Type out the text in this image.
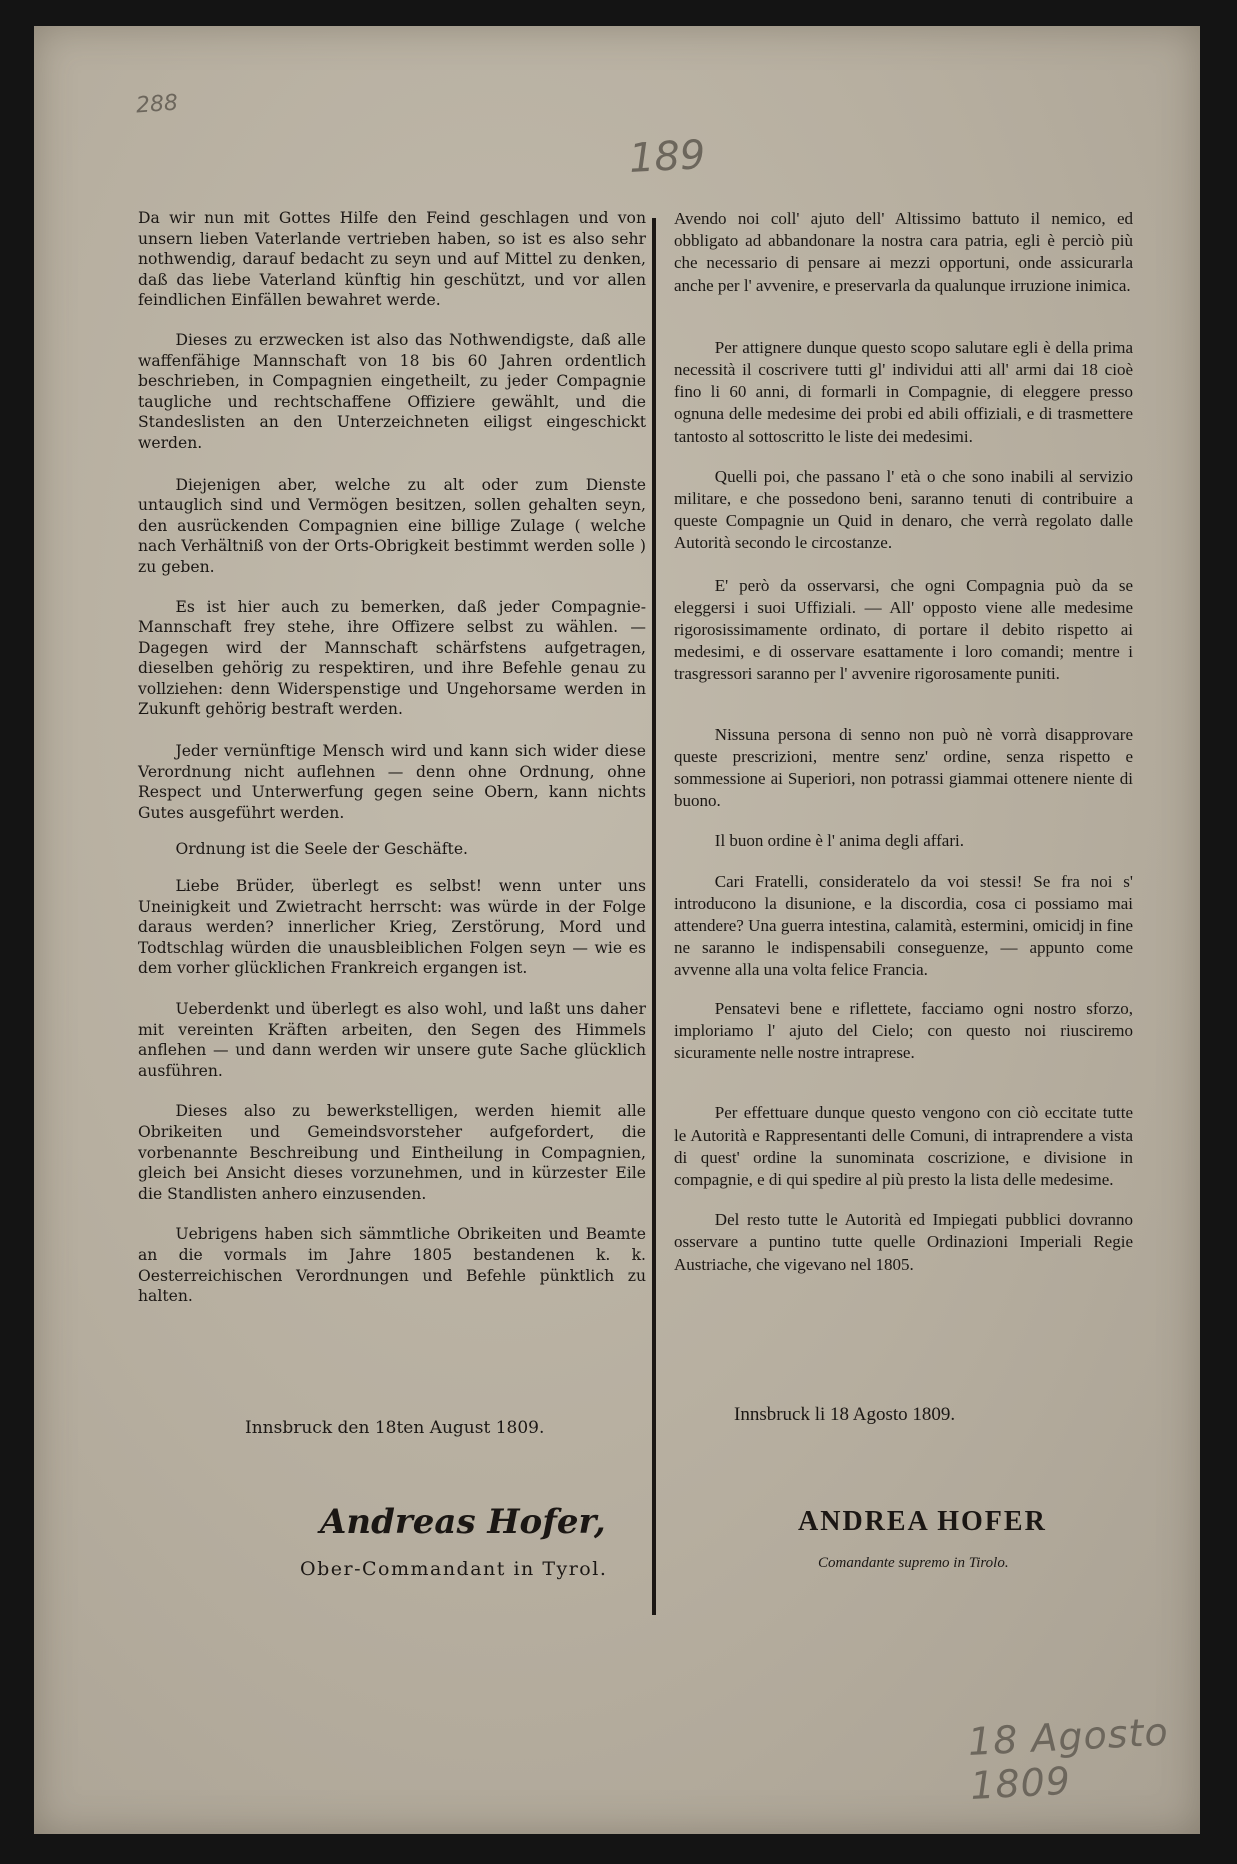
288
189
18 Agosto 1809

Da wir nun mit Gottes Hilfe den Feind geschlagen und von unsern lieben Vaterlande vertrieben haben, so ist es also sehr nothwendig, darauf bedacht zu seyn und auf Mittel zu denken, daß das liebe Vaterland künftig hin geschützt, und vor allen feindlichen Einfällen bewahret werde.

Dieses zu erzwecken ist also das Nothwendigste, daß alle waffenfähige Mannschaft von 18 bis 60 Jahren ordentlich beschrieben, in Compagnien eingetheilt, zu jeder Compagnie taugliche und rechtschaffene Offiziere gewählt, und die Standeslisten an den Unterzeichneten eiligst eingeschickt werden.

Diejenigen aber, welche zu alt oder zum Dienste untauglich sind und Vermögen besitzen, sollen gehalten seyn, den ausrückenden Compagnien eine billige Zulage ( welche nach Verhältniß von der Orts-Obrigkeit bestimmt werden solle ) zu geben.

Es ist hier auch zu bemerken, daß jeder Compagnie-Mannschaft frey stehe, ihre Offizere selbst zu wählen. — Dagegen wird der Mannschaft schärfstens aufgetragen, dieselben gehörig zu respektiren, und ihre Befehle genau zu vollziehen: denn Widerspenstige und Ungehorsame werden in Zukunft gehörig bestraft werden.

Jeder vernünftige Mensch wird und kann sich wider diese Verordnung nicht auflehnen — denn ohne Ordnung, ohne Respect und Unterwerfung gegen seine Obern, kann nichts Gutes ausgeführt werden.

Ordnung ist die Seele der Geschäfte.

Liebe Brüder, überlegt es selbst! wenn unter uns Uneinigkeit und Zwietracht herrscht: was würde in der Folge daraus werden? innerlicher Krieg, Zerstörung, Mord und Todtschlag würden die unausbleiblichen Folgen seyn — wie es dem vorher glücklichen Frankreich ergangen ist.

Ueberdenkt und überlegt es also wohl, und laßt uns daher mit vereinten Kräften arbeiten, den Segen des Himmels anflehen — und dann werden wir unsere gute Sache glücklich ausführen.

Dieses also zu bewerkstelligen, werden hiemit alle Obrikeiten und Gemeindsvorsteher aufgefordert, die vorbenannte Beschreibung und Eintheilung in Compagnien, gleich bei Ansicht dieses vorzunehmen, und in kürzester Eile die Standlisten anhero einzusenden.

Uebrigens haben sich sämmtliche Obrikeiten und Beamte an die vormals im Jahre 1805 bestandenen k. k. Oesterreichischen Verordnungen und Befehle pünktlich zu halten.

Avendo noi coll' ajuto dell' Altissimo battuto il nemico, ed obbligato ad abbandonare la nostra cara patria, egli è perciò più che necessario di pensare ai mezzi opportuni, onde assicurarla anche per l' avvenire, e preservarla da qualunque irruzione inimica.

Per attignere dunque questo scopo salutare egli è della prima necessità il coscrivere tutti gl' individui atti all' armi dai 18 cioè fino li 60 anni, di formarli in Compagnie, di eleggere presso ognuna delle medesime dei probi ed abili offiziali, e di trasmettere tantosto al sottoscritto le liste dei medesimi.

Quelli poi, che passano l' età o che sono inabili al servizio militare, e che possedono beni, saranno tenuti di contribuire a queste Compagnie un Quid in denaro, che verrà regolato dalle Autorità secondo le circostanze.

E' però da osservarsi, che ogni Compagnia può da se eleggersi i suoi Uffiziali. — All' opposto viene alle medesime rigorosissimamente ordinato, di portare il debito rispetto ai medesimi, e di osservare esattamente i loro comandi; mentre i trasgressori saranno per l' avvenire rigorosamente puniti.

Nissuna persona di senno non può nè vorrà disapprovare queste prescrizioni, mentre senz' ordine, senza rispetto e sommessione ai Superiori, non potrassi giammai ottenere niente di buono.

Il buon ordine è l' anima degli affari.

Cari Fratelli, consideratelo da voi stessi! Se fra noi s' introducono la disunione, e la discordia, cosa ci possiamo mai attendere? Una guerra intestina, calamità, estermini, omicidj in fine ne saranno le indispensabili conseguenze, — appunto come avvenne alla una volta felice Francia.

Pensatevi bene e riflettete, facciamo ogni nostro sforzo, imploriamo l' ajuto del Cielo; con questo noi riusciremo sicuramente nelle nostre intraprese.

Per effettuare dunque questo vengono con ciò eccitate tutte le Autorità e Rappresentanti delle Comuni, di intraprendere a vista di quest' ordine la sunominata coscrizione, e divisione in compagnie, e di qui spedire al più presto la lista delle medesime.

Del resto tutte le Autorità ed Impiegati pubblici dovranno osservare a puntino tutte quelle Ordinazioni Imperiali Regie Austriache, che vigevano nel 1805.

Innsbruck den 18ten August 1809.
Innsbruck li 18 Agosto 1809.
Andreas Hofer,
Ober-Commandant in Tyrol.
ANDREA HOFER
Comandante supremo in Tirolo.
